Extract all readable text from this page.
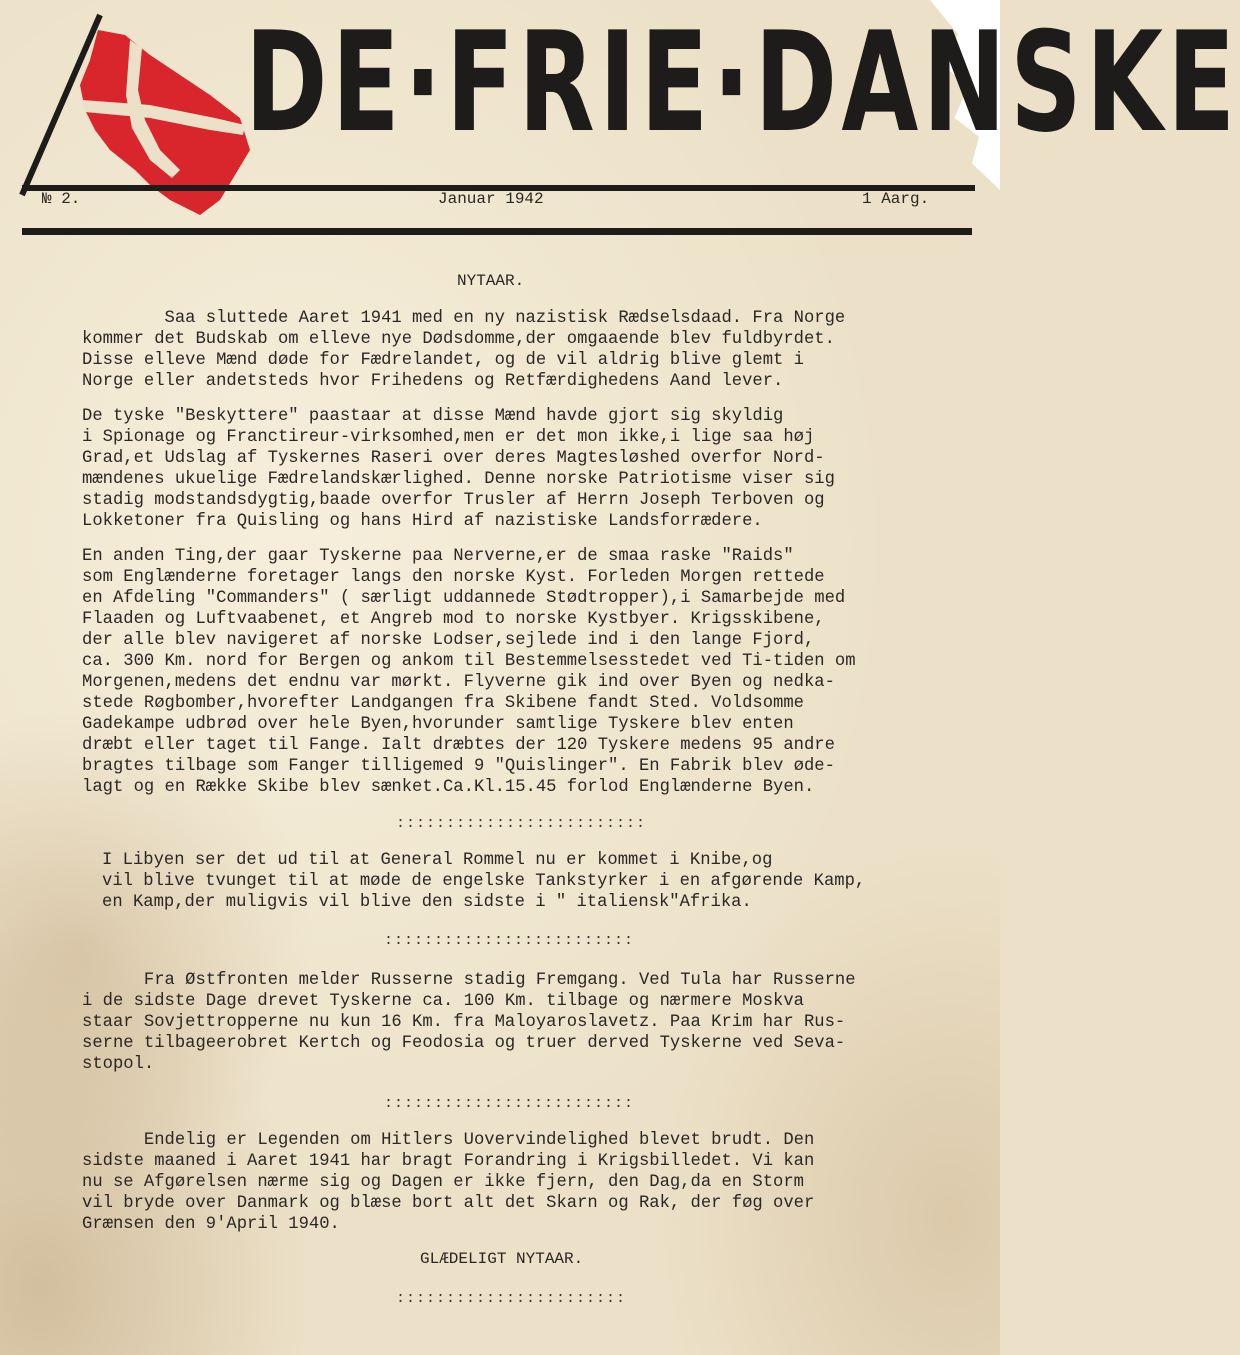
DE·FRIE·DANSKE
№ 2.	Januar 1942	1 Aarg.
NYTAAR.
Saa sluttede Aaret 1941 med en ny nazistisk Rædselsdaad. Fra Norge
kommer det Budskab om elleve nye Dødsdomme,der omgaaende blev fuldbyrdet.
Disse elleve Mænd døde for Fædrelandet, og de vil aldrig blive glemt i
Norge eller andetsteds hvor Frihedens og Retfærdighedens Aand lever.
De tyske "Beskyttere" paastaar at disse Mænd havde gjort sig skyldig
i Spionage og Franctireur-virksomhed,men er det mon ikke,i lige saa høj
Grad,et Udslag af Tyskernes Raseri over deres Magtesløshed overfor Nord-
mændenes ukuelige Fædrelandskærlighed. Denne norske Patriotisme viser sig
stadig modstandsdygtig,baade overfor Trusler af Herrn Joseph Terboven og
Lokketoner fra Quisling og hans Hird af nazistiske Landsforrædere.
En anden Ting,der gaar Tyskerne paa Nerverne,er de smaa raske "Raids"
som Englænderne foretager langs den norske Kyst. Forleden Morgen rettede
en Afdeling "Commanders" ( særligt uddannede Stødtropper),i Samarbejde med
Flaaden og Luftvaabenet, et Angreb mod to norske Kystbyer. Krigsskibene,
der alle blev navigeret af norske Lodser,sejlede ind i den lange Fjord,
ca. 300 Km. nord for Bergen og ankom til Bestemmelsesstedet ved Ti-tiden om
Morgenen,medens det endnu var mørkt. Flyverne gik ind over Byen og nedka-
stede Røgbomber,hvorefter Landgangen fra Skibene fandt Sted. Voldsomme
Gadekampe udbrød over hele Byen,hvorunder samtlige Tyskere blev enten
dræbt eller taget til Fange. Ialt dræbtes der 120 Tyskere medens 95 andre
bragtes tilbage som Fanger tilligemed 9 "Quislinger". En Fabrik blev øde-
lagt og en Række Skibe blev sænket.Ca.Kl.15.45 forlod Englænderne Byen.
:::::::::::::::::::::::::
I Libyen ser det ud til at General Rommel nu er kommet i Knibe,og
vil blive tvunget til at møde de engelske Tankstyrker i en afgørende Kamp,
en Kamp,der muligvis vil blive den sidste i " italiensk"Afrika.
:::::::::::::::::::::::::
Fra Østfronten melder Russerne stadig Fremgang. Ved Tula har Russerne
i de sidste Dage drevet Tyskerne ca. 100 Km. tilbage og nærmere Moskva
staar Sovjettropperne nu kun 16 Km. fra Maloyaroslavetz. Paa Krim har Rus-
serne tilbageerobret Kertch og Feodosia og truer derved Tyskerne ved Seva-
stopol.
:::::::::::::::::::::::::
Endelig er Legenden om Hitlers Uovervindelighed blevet brudt. Den
sidste maaned i Aaret 1941 har bragt Forandring i Krigsbilledet. Vi kan
nu se Afgørelsen nærme sig og Dagen er ikke fjern, den Dag,da en Storm
vil bryde over Danmark og blæse bort alt det Skarn og Rak, der føg over
Grænsen den 9'April 1940.
GLÆDELIGT NYTAAR.
:::::::::::::::::::::::
